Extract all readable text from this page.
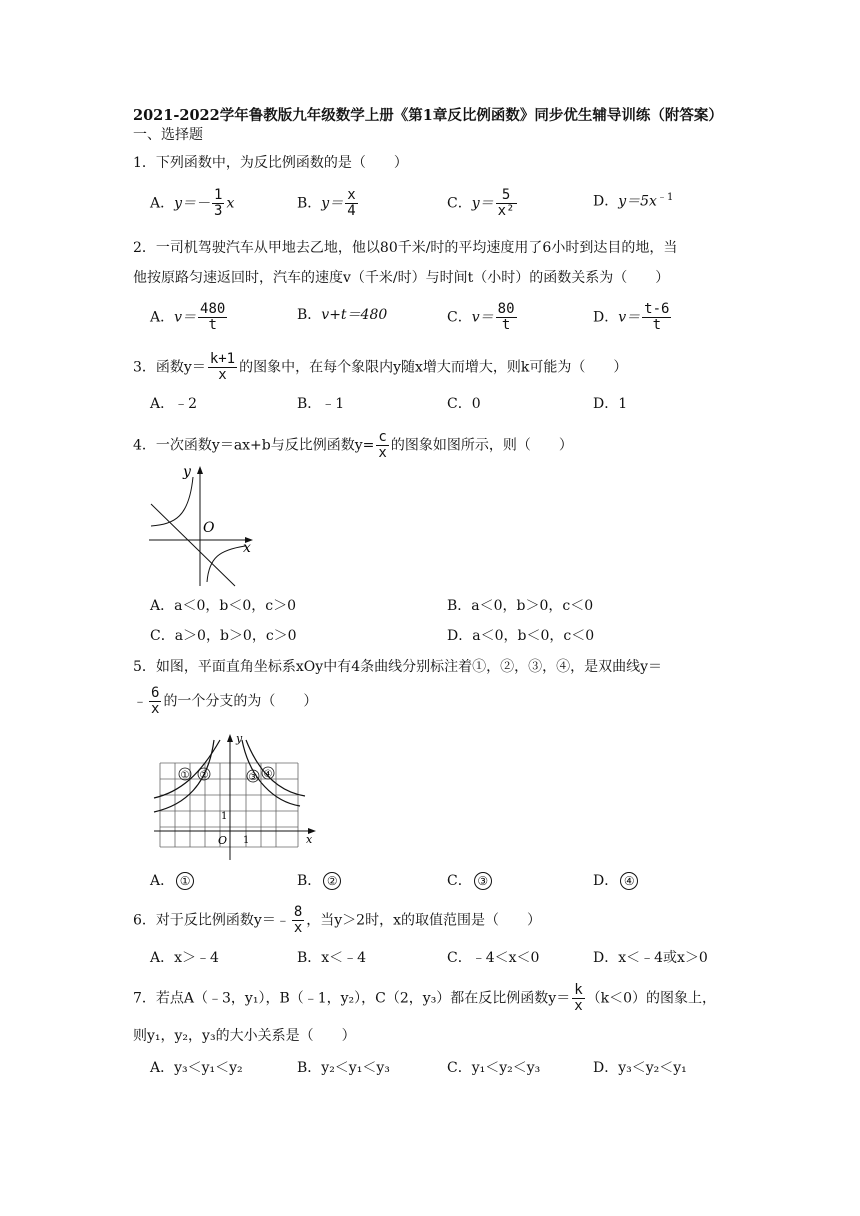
2021-2022学年鲁教版九年级数学上册《第1章反比例函数》同步优生辅导训练（附答案）
一、选择题
1．下列函数中，为反比例函数的是（　　）
A．$y=- \frac{1}{3}$ x	B．$y= \frac{x}{4}$	C．$y= \frac{5}{\text{x²}}$	D．$y=5x^{﹣1}$
2．一司机驾驶汽车从甲地去乙地，他以80千米/时的平均速度用了6小时到达目的地，当
他按原路匀速返回时，汽车的速度v（千米/时）与时间t（小时）的函数关系为（　　）
A．$v= \frac{480}{t}$	B．v+t＝480	C．$v= \frac{80}{t}$	D．$v= \frac{t-6}{t}$
3．函数$y= \frac{k+1}{x}$ 的图象中，在每个象限内y随x增大而增大，则k可能为（　　）
A．﹣2	B．﹣1	C．0	D．1
4．一次函数y＝ax+b与反比例函数$y= \frac{c}{x}$ 的图象如图所示，则（　　）
y
O
x
A．a＜0，b＜0，c＞0	B．a＜0，b＞0，c＜0
C．a＞0，b＞0，c＞0	D．a＜0，b＜0，c＜0
5．如图，平面直角坐标系xOy中有4条曲线分别标注着①，②，③，④，是双曲线y＝
﹣ $\frac{6}{x}$ 的一个分支的为（　　）
① ②	③ ④
y
x
O
1
1
A． ①	B． ②	C． ③	D． ④
6．对于反比例函数y＝﹣ $\frac{8}{x}$ ，当y＞2时，x的取值范围是（　　）
A．x＞﹣4	B．x＜﹣4	C．﹣4＜x＜0	D．x＜﹣4或x＞0
7．若点A（﹣3，y₁），B（﹣1，y₂），C（2，y₃）都在反比例函数$y= \frac{k}{x} (k<0)$的图象上，
则y₁，y₂，y₃的大小关系是（　　）
A．y₃＜y₁＜y₂	B．y₂＜y₁＜y₃	C．y₁＜y₂＜y₃	D．y₃＜y₂＜y₁
